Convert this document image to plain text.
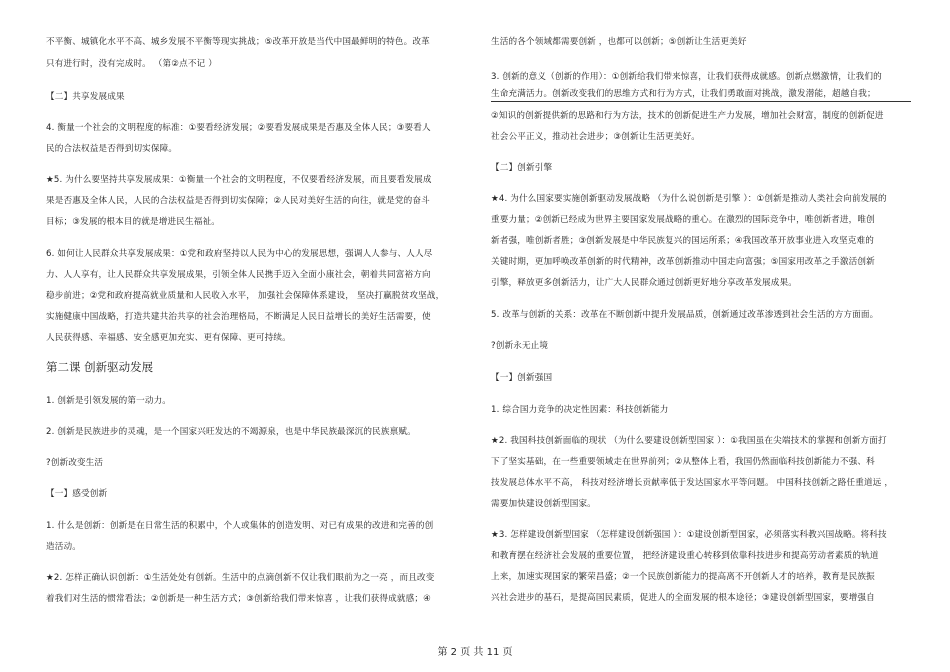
不平衡、城镇化水平不高、城乡发展不平衡等现实挑战；⑤改革开放是当代中国最鲜明的特色。改革
只有进行时，没有完成时。 （第②点不记 ）
【二】共享发展成果
4. 衡量一个社会的文明程度的标准：①要看经济发展；②要看发展成果是否惠及全体人民；③要看人
民的合法权益是否得到切实保障。
★5. 为什么要坚持共享发展成果：①衡量一个社会的文明程度，不仅要看经济发展，而且要看发展成
果是否惠及全体人民，人民的合法权益是否得到切实保障；②人民对美好生活的向往，就是党的奋斗
目标；③发展的根本目的就是增进民生福祉。
6. 如何让人民群众共享发展成果：①党和政府坚持以人民为中心的发展思想，强调人人参与、人人尽
力、人人享有，让人民群众共享发展成果，引领全体人民携手迈入全面小康社会，朝着共同富裕方向
稳步前进；②党和政府提高就业质量和人民收入水平， 加强社会保障体系建设， 坚决打赢脱贫攻坚战，
实施健康中国战略，打造共建共治共享的社会治理格局，不断满足人民日益增长的美好生活需要，使
人民获得感、幸福感、安全感更加充实、更有保障、更可持续。
第二课 创新驱动发展
1. 创新是引领发展的第一动力。
2. 创新是民族进步的灵魂，是一个国家兴旺发达的不竭源泉，也是中华民族最深沉的民族禀赋。
?创新改变生活
【一】感受创新
1. 什么是创新：创新是在日常生活的积累中，个人或集体的创造发明、对已有成果的改进和完善的创
造活动。
★2. 怎样正确认识创新：①生活处处有创新。生活中的点滴创新不仅让我们眼前为之一亮 ，而且改变
着我们对生活的惯常看法；②创新是一种生活方式；③创新给我们带来惊喜 ，让我们获得成就感；④
生活的各个领域都需要创新 ，也都可以创新；⑤创新让生活更美好
3. 创新的意义（创新的作用）：①创新给我们带来惊喜，让我们获得成就感。创新点燃激情，让我们的
生命充满活力。创新改变我们的思维方式和行为方式，让我们勇敢面对挑战，激发潜能，超越自我；
②知识的创新提供新的思路和行为方法，技术的创新促进生产力发展，增加社会财富，制度的创新促进
社会公平正义，推动社会进步；③创新让生活更美好。
【二】创新引擎
★4. 为什么国家要实施创新驱动发展战略 （为什么说创新是引擎 ）：①创新是推动人类社会向前发展的
重要力量；②创新已经成为世界主要国家发展战略的重心。在激烈的国际竞争中，唯创新者进，唯创
新者强，唯创新者胜；③创新发展是中华民族复兴的国运所系；④我国改革开放事业进入攻坚克难的
关键时期，更加呼唤改革创新的时代精神，改革创新推动中国走向富强；⑤国家用改革之手激活创新
引擎，释放更多创新活力，让广大人民群众通过创新更好地分享改革发展成果。
5. 改革与创新的关系：改革在不断创新中提升发展品质，创新通过改革渗透到社会生活的方方面面。
?创新永无止境
【一】创新强国
1. 综合国力竞争的决定性因素：科技创新能力
★2. 我国科技创新面临的现状 （为什么要建设创新型国家 ）：①我国虽在尖端技术的掌握和创新方面打
下了坚实基础，在一些重要领域走在世界前列；②从整体上看，我国仍然面临科技创新能力不强、科
技发展总体水平不高， 科技对经济增长贡献率低于发达国家水平等问题。 中国科技创新之路任重道远 ，
需要加快建设创新型国家。
★3. 怎样建设创新型国家 （怎样建设创新强国 ）：①建设创新型国家，必须落实科教兴国战略。将科技
和教育摆在经济社会发展的重要位置， 把经济建设重心转移到依靠科技进步和提高劳动者素质的轨道
上来，加速实现国家的繁荣昌盛；②一个民族创新能力的提高离不开创新人才的培养，教育是民族振
兴社会进步的基石，是提高国民素质，促进人的全面发展的根本途径；③建设创新型国家，要增强自
第 2 页 共 11 页
